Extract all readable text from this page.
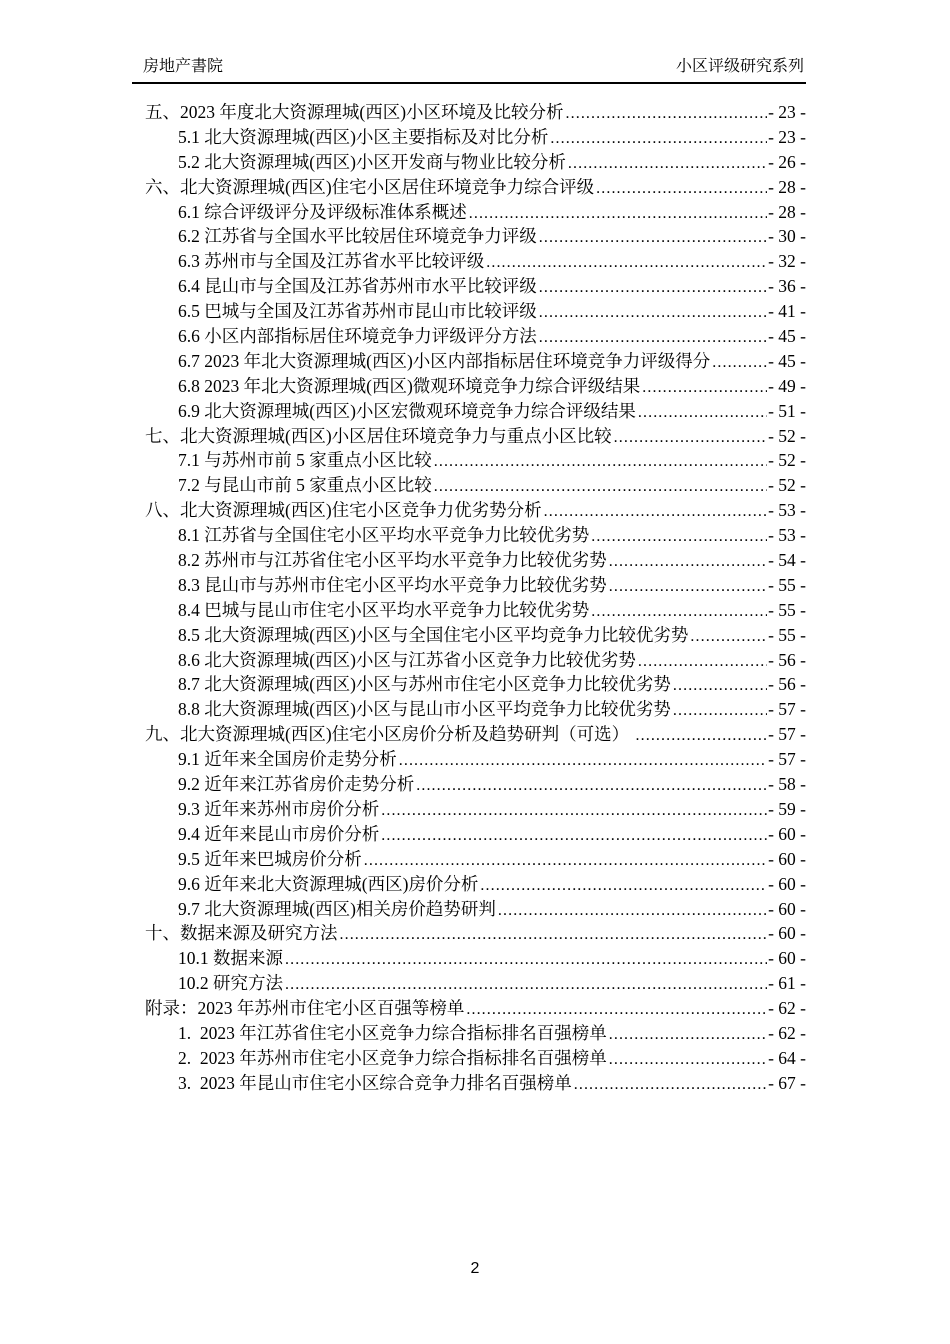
房地产書院	小区评级研究系列
五、2023 年度北大资源理城(西区)小区环境及比较分析 .....	- 23 -
5.1 北大资源理城(西区)小区主要指标及对比分析 .....	- 23 -
5.2 北大资源理城(西区)小区开发商与物业比较分析 .....	- 26 -
六、北大资源理城(西区)住宅小区居住环境竞争力综合评级 .....	- 28 -
6.1 综合评级评分及评级标准体系概述 .....	- 28 -
6.2 江苏省与全国水平比较居住环境竞争力评级 .....	- 30 -
6.3 苏州市与全国及江苏省水平比较评级 .....	- 32 -
6.4 昆山市与全国及江苏省苏州市水平比较评级 .....	- 36 -
6.5 巴城与全国及江苏省苏州市昆山市比较评级 .....	- 41 -
6.6 小区内部指标居住环境竞争力评级评分方法 .....	- 45 -
6.7 2023 年北大资源理城(西区)小区内部指标居住环境竞争力评级得分 .....	- 45 -
6.8 2023 年北大资源理城(西区)微观环境竞争力综合评级结果 .....	- 49 -
6.9 北大资源理城(西区)小区宏微观环境竞争力综合评级结果 .....	- 51 -
七、北大资源理城(西区)小区居住环境竞争力与重点小区比较 .....	- 52 -
7.1 与苏州市前 5 家重点小区比较 .....	- 52 -
7.2 与昆山市前 5 家重点小区比较 .....	- 52 -
八、北大资源理城(西区)住宅小区竞争力优劣势分析 .....	- 53 -
8.1 江苏省与全国住宅小区平均水平竞争力比较优劣势 .....	- 53 -
8.2 苏州市与江苏省住宅小区平均水平竞争力比较优劣势 .....	- 54 -
8.3 昆山市与苏州市住宅小区平均水平竞争力比较优劣势 .....	- 55 -
8.4 巴城与昆山市住宅小区平均水平竞争力比较优劣势 .....	- 55 -
8.5 北大资源理城(西区)小区与全国住宅小区平均竞争力比较优劣势 .....	- 55 -
8.6 北大资源理城(西区)小区与江苏省小区竞争力比较优劣势 .....	- 56 -
8.7 北大资源理城(西区)小区与苏州市住宅小区竞争力比较优劣势 .....	- 56 -
8.8 北大资源理城(西区)小区与昆山市小区平均竞争力比较优劣势 .....	- 57 -
九、北大资源理城(西区)住宅小区房价分析及趋势研判（可选） .....	- 57 -
9.1 近年来全国房价走势分析 .....	- 57 -
9.2 近年来江苏省房价走势分析 .....	- 58 -
9.3 近年来苏州市房价分析 .....	- 59 -
9.4 近年来昆山市房价分析 .....	- 60 -
9.5 近年来巴城房价分析 .....	- 60 -
9.6 近年来北大资源理城(西区)房价分析 .....	- 60 -
9.7 北大资源理城(西区)相关房价趋势研判 .....	- 60 -
十、数据来源及研究方法 .....	- 60 -
10.1 数据来源 .....	- 60 -
10.2 研究方法 .....	- 61 -
附录：2023 年苏州市住宅小区百强等榜单 .....	- 62 -
1.  2023 年江苏省住宅小区竞争力综合指标排名百强榜单 .....	- 62 -
2.  2023 年苏州市住宅小区竞争力综合指标排名百强榜单 .....	- 64 -
3.  2023 年昆山市住宅小区综合竞争力排名百强榜单 .....	- 67 -
2
